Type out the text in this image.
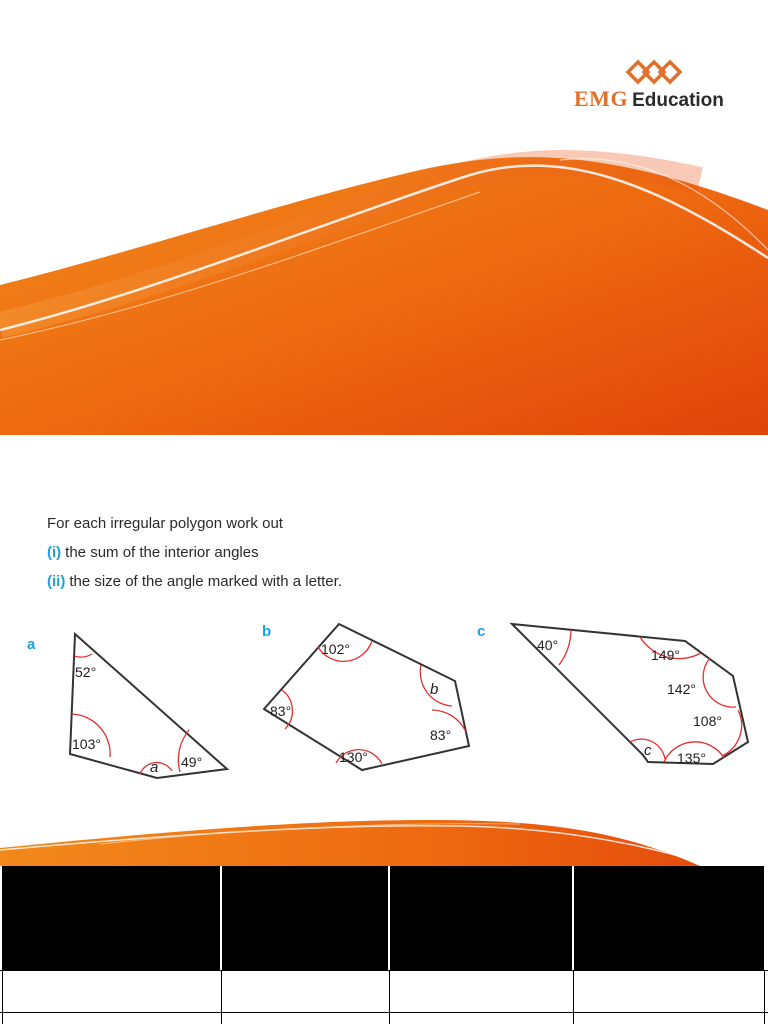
EMG Education
For each irregular polygon work out
(i) the sum of the interior angles
(ii) the size of the angle marked with a letter.
a
52°
103°
a 49°
b
102°
b
83°
130°
83°
c
40°
149°
142°
108°
135°
c
